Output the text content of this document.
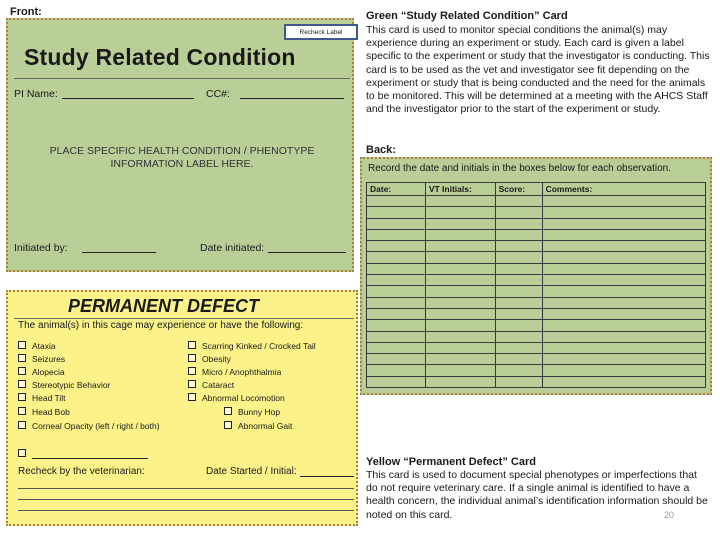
Front:
Recheck Label
Study Related Condition
PI Name:	CC#:
PLACE SPECIFIC HEALTH CONDITION / PHENOTYPE
INFORMATION LABEL HERE.
Initiated by:	Date initiated:
PERMANENT DEFECT
The animal(s) in this cage may experience or have the following:
Ataxia
Seizures
Alopecia
Stereotypic Behavior
Head Tilt
Head Bob
Corneal Opacity (left / right / both)
Scarring Kinked / Crocked Tail
Obesity
Micro / Anophthalmia
Cataract
Abnormal Locomotion
Bunny Hop
Abnormal Gait
Recheck by the veterinarian:	Date Started / Initial:
Green “Study Related Condition” Card
This card is used to monitor special conditions the animal(s) may experience during an experiment or study. Each card is given a label specific to the experiment or study that the investigator is conducting. This card is to be used as the vet and investigator see fit depending on the experiment or study that is being conducted and the need for the animals to be monitored. This will be determined at a meeting with the AHCS Staff and the investigator prior to the start of the experiment or study.
Back:
Record the date and initials in the boxes below for each observation.
Date:	VT Initials:	Score:	Comments:

Yellow “Permanent Defect” Card
This card is used to document special phenotypes or imperfections that do not require veterinary care. If a single animal is identified to have a health concern, the individual animal’s identification information should be noted on this card.	20
